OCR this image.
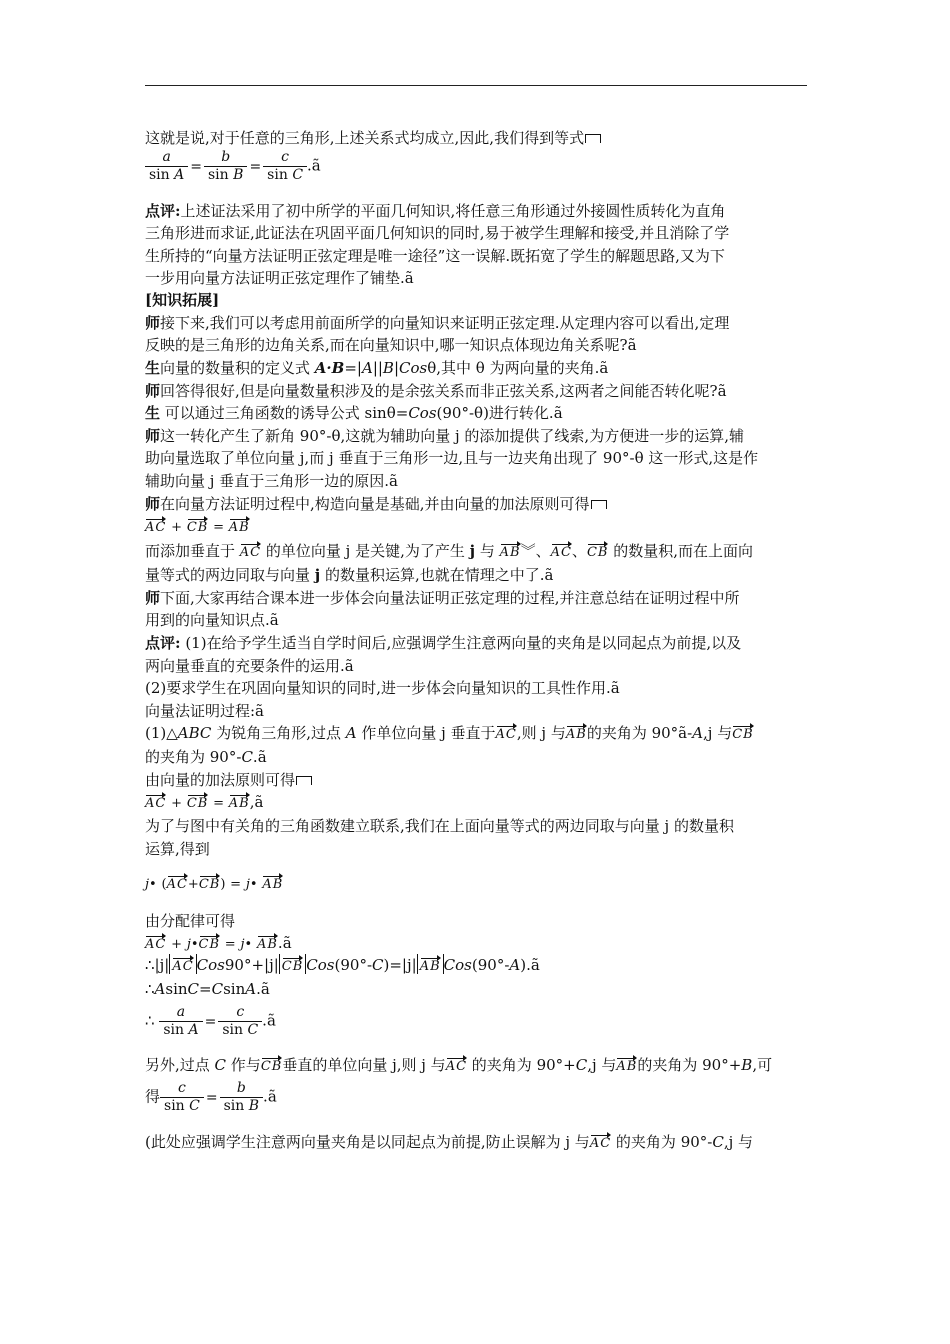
这就是说,对于任意的三角形,上述关系式均成立,因此,我们得到等式
$\frac{a}{\text{sin A}} = \frac{b}{\text{sin B}} = \frac{c}{\text{sin C}}$ .ã
点评:上述证法采用了初中所学的平面几何知识,将任意三角形通过外接圆性质转化为直角
三角形进而求证,此证法在巩固平面几何知识的同时,易于被学生理解和接受,并且消除了学
生所持的“向量方法证明正弦定理是唯一途径”这一误解.既拓宽了学生的解题思路,又为下
一步用向量方法证明正弦定理作了铺垫.ã
[知识拓展]
师接下来,我们可以考虑用前面所学的向量知识来证明正弦定理.从定理内容可以看出,定理
反映的是三角形的边角关系,而在向量知识中,哪一知识点体现边角关系呢?ã
生向量的数量积的定义式 A·B=|A||B|Cosθ,其中 θ 为两向量的夹角.ã
师回答得很好,但是向量数量积涉及的是余弦关系而非正弦关系,这两者之间能否转化呢?ã
生 可以通过三角函数的诱导公式 sinθ=Cos(90°-θ)进行转化.ã
师这一转化产生了新角 90°-θ,这就为辅助向量 j 的添加提供了线索,为方便进一步的运算,辅
助向量选取了单位向量 j,而 j 垂直于三角形一边,且与一边夹角出现了 90°-θ 这一形式,这是作
辅助向量 j 垂直于三角形一边的原因.ã
师在向量方法证明过程中,构造向量是基础,并由向量的加法原则可得
AC + CB = AB
而添加垂直于 AC 的单位向量 j 是关键,为了产生 j 与 AB︾、AC、CB 的数量积,而在上面向
量等式的两边同取与向量 j 的数量积运算,也就在情理之中了.ã
师下面,大家再结合课本进一步体会向量法证明正弦定理的过程,并注意总结在证明过程中所
用到的向量知识点.ã
点评: (1)在给予学生适当自学时间后,应强调学生注意两向量的夹角是以同起点为前提,以及
两向量垂直的充要条件的运用.ã
(2)要求学生在巩固向量知识的同时,进一步体会向量知识的工具性作用.ã
向量法证明过程:ã
(1)△ABC 为锐角三角形,过点 A 作单位向量 j 垂直于AC,则 j 与AB的夹角为 90°ã-A,j 与CB
的夹角为 90°-C.ã
由向量的加法原则可得
AC + CB = AB,ã
为了与图中有关角的三角函数建立联系,我们在上面向量等式的两边同取与向量 j 的数量积
运算,得到
j• (AC+CB) = j• AB
由分配律可得
AC + j•CB = j• AB.ã
∴|j| AC Cos90°+|j| CB Cos(90°-C)=|j| AB Cos(90°-A).ã
∴AsinC=CsinA.ã
∴ $\frac{a}{\text{sin A}} = \frac{c}{\text{sin C}}$ .ã
另外,过点 C 作与CB垂直的单位向量 j,则 j 与AC 的夹角为 90°+C,j 与AB的夹角为 90°+B,可
得 $\frac{c}{\text{sin C}} = \frac{b}{\text{sin B}}$ .ã
(此处应强调学生注意两向量夹角是以同起点为前提,防止误解为 j 与AC 的夹角为 90°-C,j 与
